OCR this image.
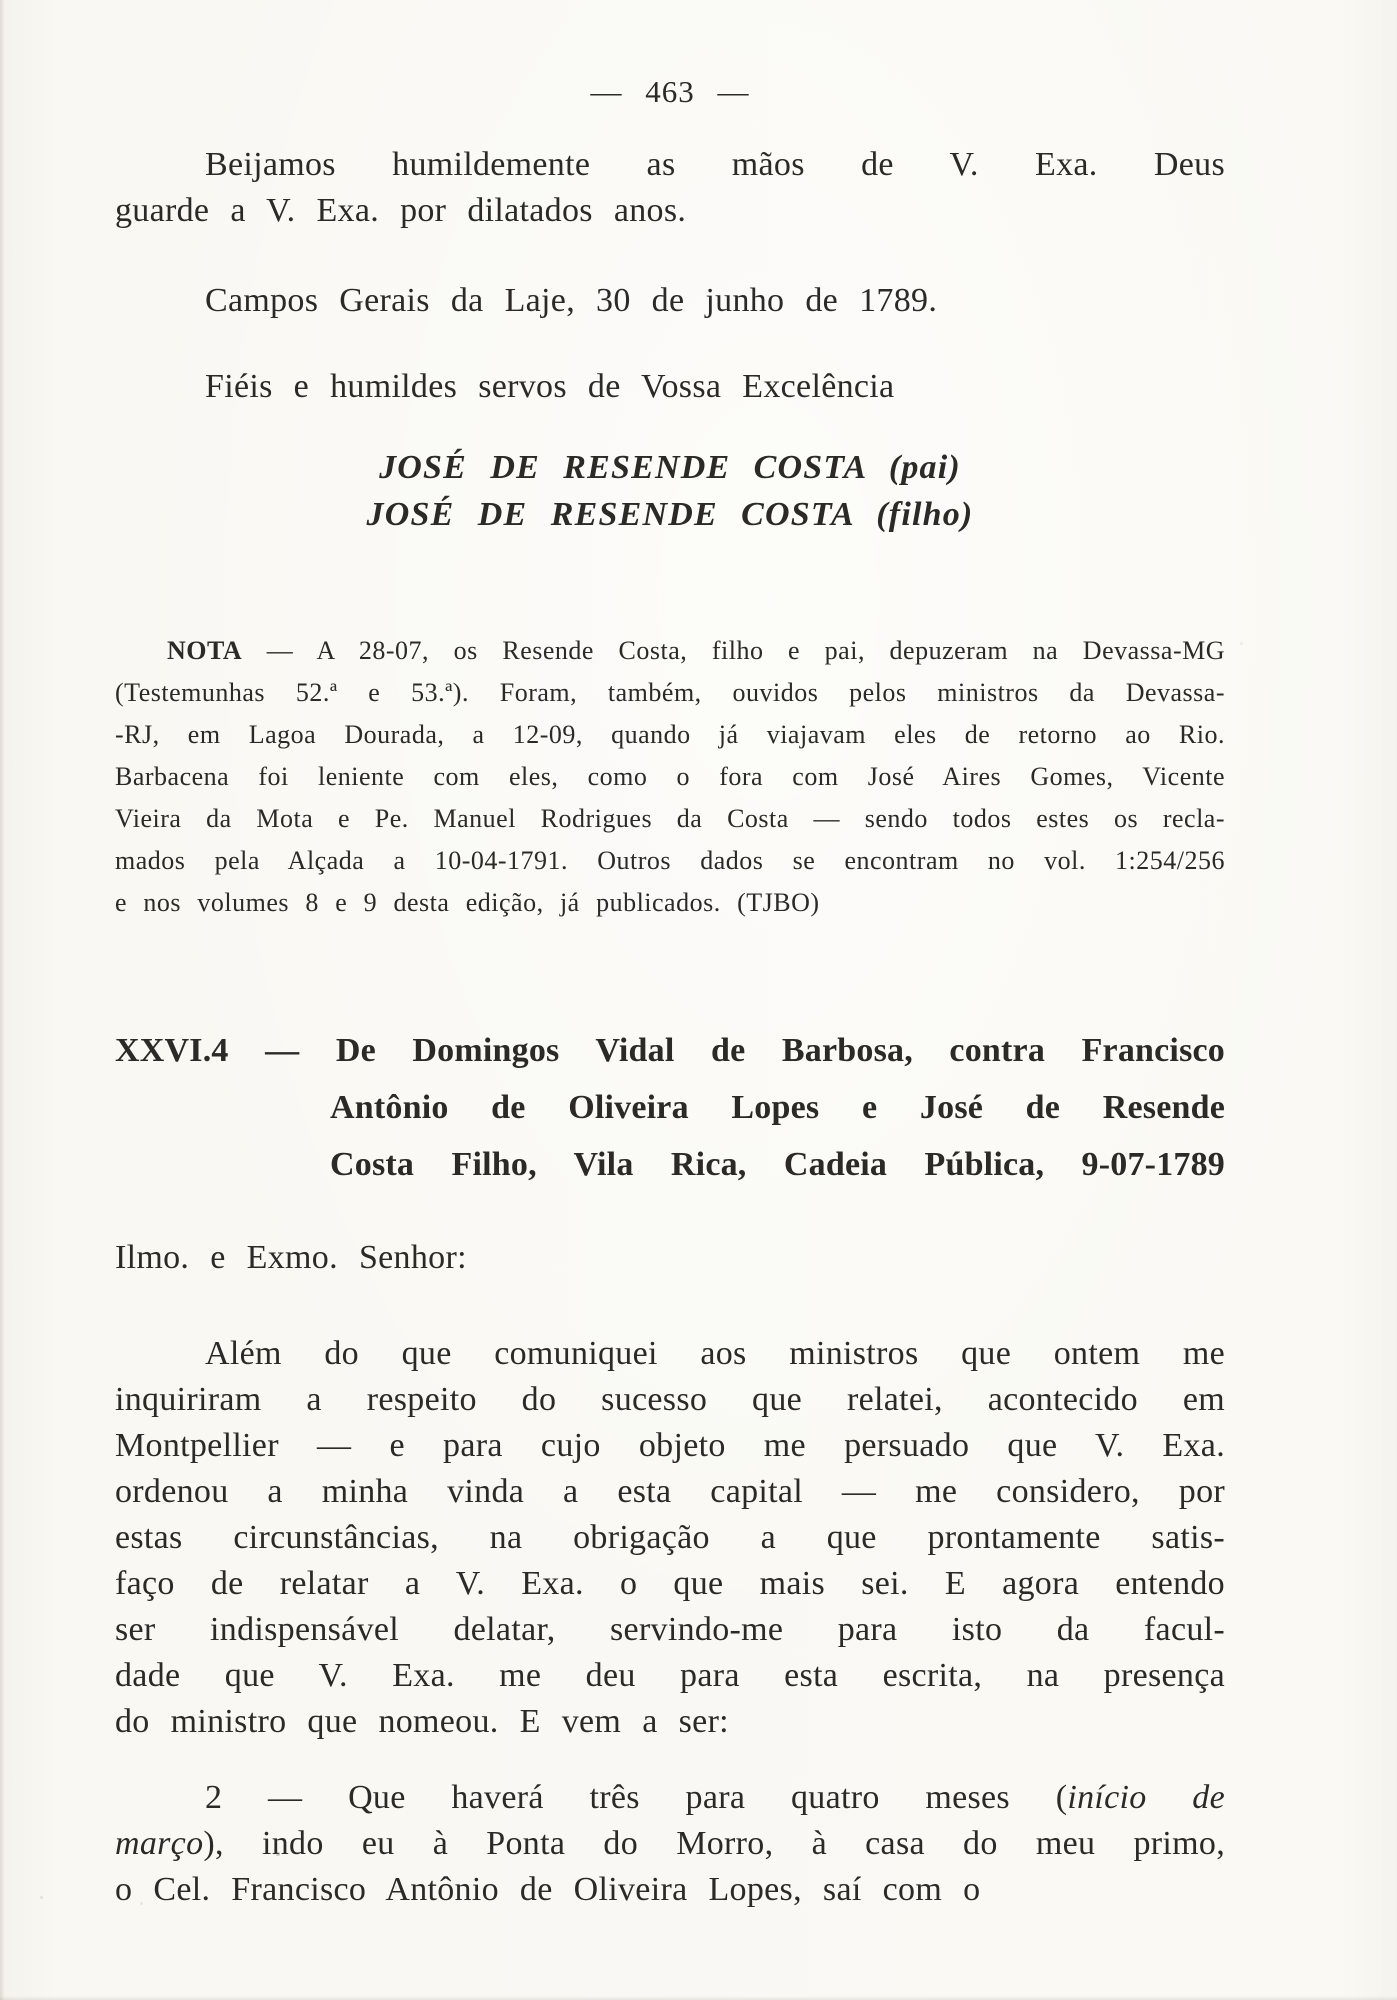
— 463 —
Beijamos humildemente as mãos de V. Exa. Deus
guarde a V. Exa. por dilatados anos.
Campos Gerais da Laje, 30 de junho de 1789.
Fiéis e humildes servos de Vossa Excelência
JOSÉ DE RESENDE COSTA (pai)
JOSÉ DE RESENDE COSTA (filho)
NOTA — A 28-07, os Resende Costa, filho e pai, depuzeram na Devassa-MG
(Testemunhas 52.ª e 53.ª). Foram, também, ouvidos pelos ministros da Devassa-
-RJ, em Lagoa Dourada, a 12-09, quando já viajavam eles de retorno ao Rio.
Barbacena foi leniente com eles, como o fora com José Aires Gomes, Vicente
Vieira da Mota e Pe. Manuel Rodrigues da Costa — sendo todos estes os recla-
mados pela Alçada a 10-04-1791. Outros dados se encontram no vol. 1:254/256
e nos volumes 8 e 9 desta edição, já publicados. (TJBO)
XXVI.4 — De Domingos Vidal de Barbosa, contra Francisco
Antônio de Oliveira Lopes e José de Resende
Costa Filho, Vila Rica, Cadeia Pública, 9-07-1789
Ilmo. e Exmo. Senhor:
Além do que comuniquei aos ministros que ontem me
inquiriram a respeito do sucesso que relatei, acontecido em
Montpellier — e para cujo objeto me persuado que V. Exa.
ordenou a minha vinda a esta capital — me considero, por
estas circunstâncias, na obrigação a que prontamente satis-
faço de relatar a V. Exa. o que mais sei. E agora entendo
ser indispensável delatar, servindo-me para isto da facul-
dade que V. Exa. me deu para esta escrita, na presença
do ministro que nomeou. E vem a ser:
2 — Que haverá três para quatro meses (início de
março), indo eu à Ponta do Morro, à casa do meu primo,
o Cel. Francisco Antônio de Oliveira Lopes, saí com o
